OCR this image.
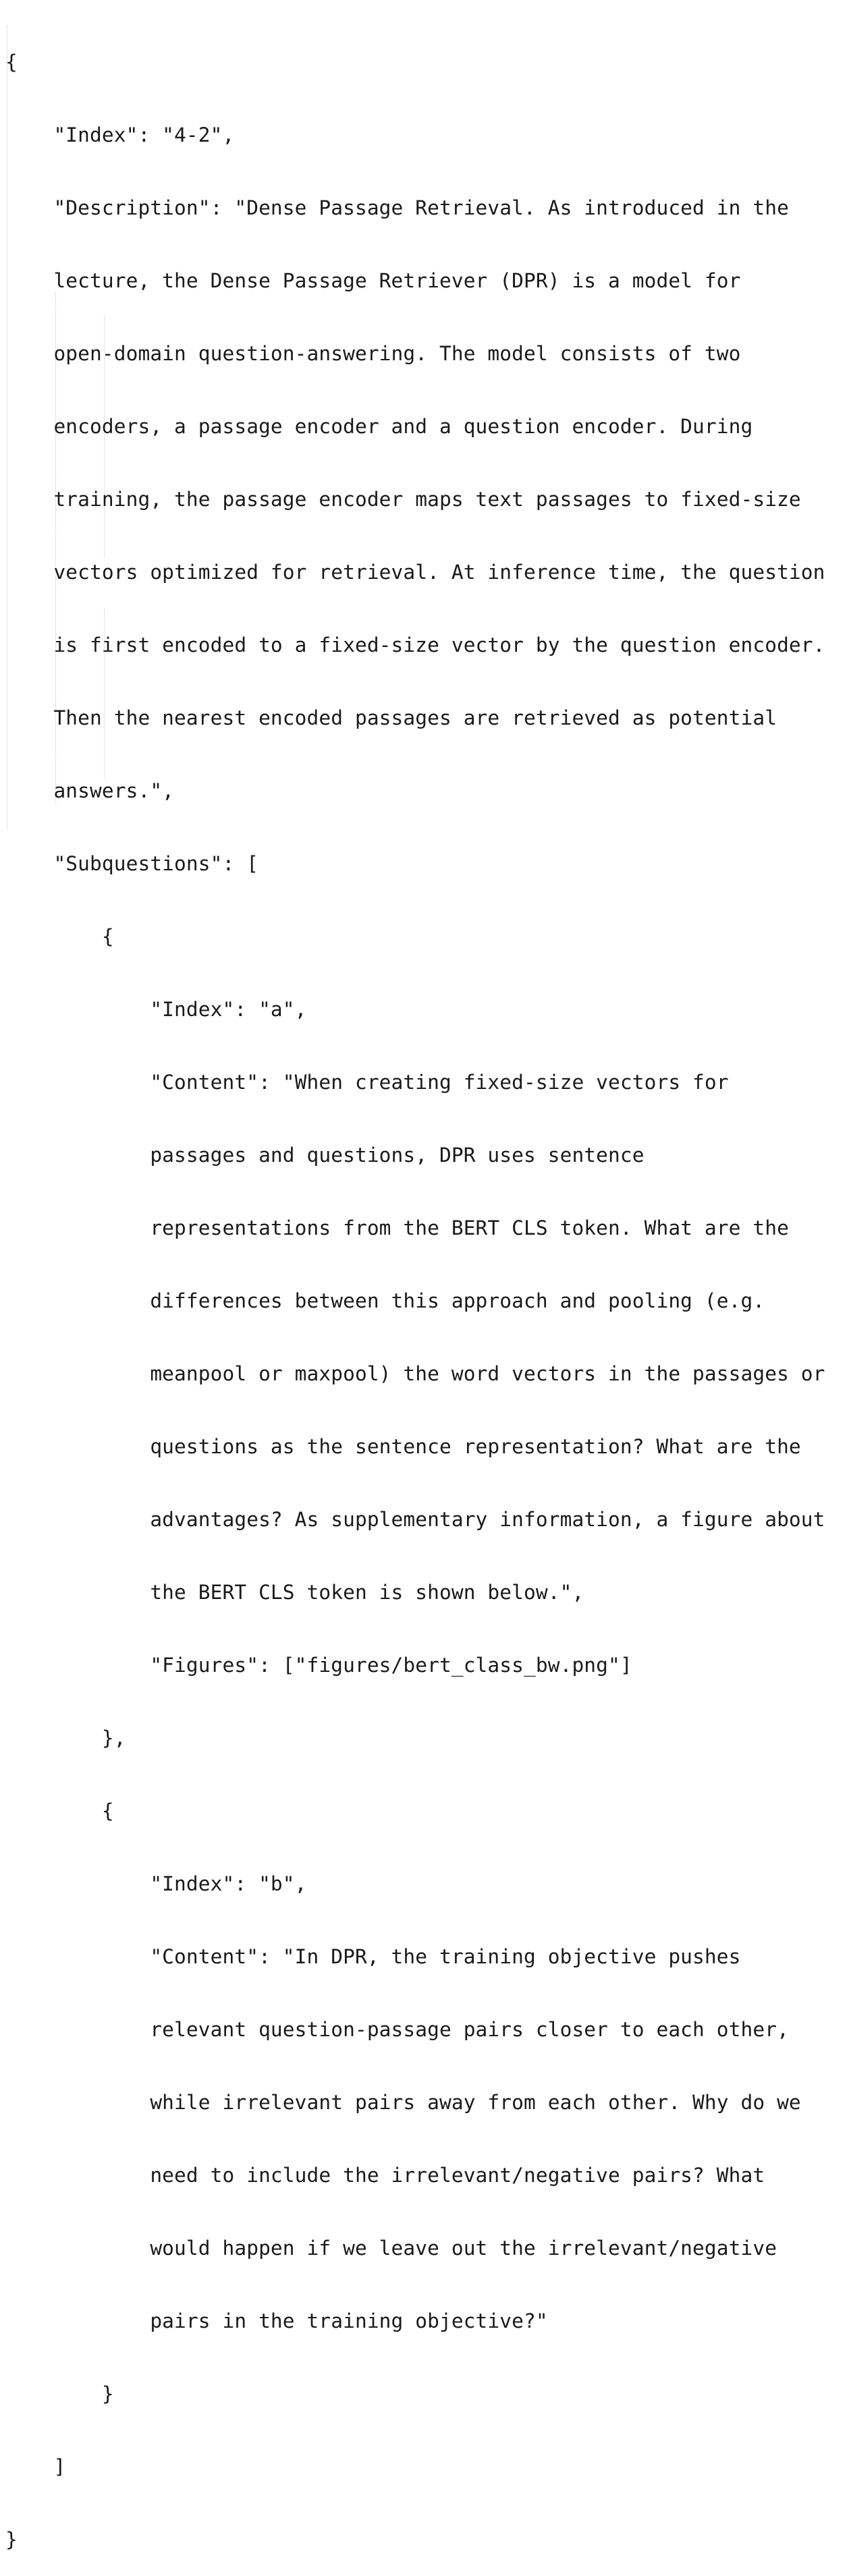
{

"Index": "4-2",

"Description": "Dense Passage Retrieval. As introduced in the

lecture, the Dense Passage Retriever (DPR) is a model for

open-domain question-answering. The model consists of two

encoders, a passage encoder and a question encoder. During

training, the passage encoder maps text passages to fixed-size

vectors optimized for retrieval. At inference time, the question

is first encoded to a fixed-size vector by the question encoder.

Then the nearest encoded passages are retrieved as potential

answers.",

"Subquestions": [

{

"Index": "a",

"Content": "When creating fixed-size vectors for

passages and questions, DPR uses sentence

representations from the BERT CLS token. What are the

differences between this approach and pooling (e.g.

meanpool or maxpool) the word vectors in the passages or

questions as the sentence representation? What are the

advantages? As supplementary information, a figure about

the BERT CLS token is shown below.",

"Figures": ["figures/bert_class_bw.png"]

},

{

"Index": "b",

"Content": "In DPR, the training objective pushes

relevant question-passage pairs closer to each other,

while irrelevant pairs away from each other. Why do we

need to include the irrelevant/negative pairs? What

would happen if we leave out the irrelevant/negative

pairs in the training objective?"

}

]

}
